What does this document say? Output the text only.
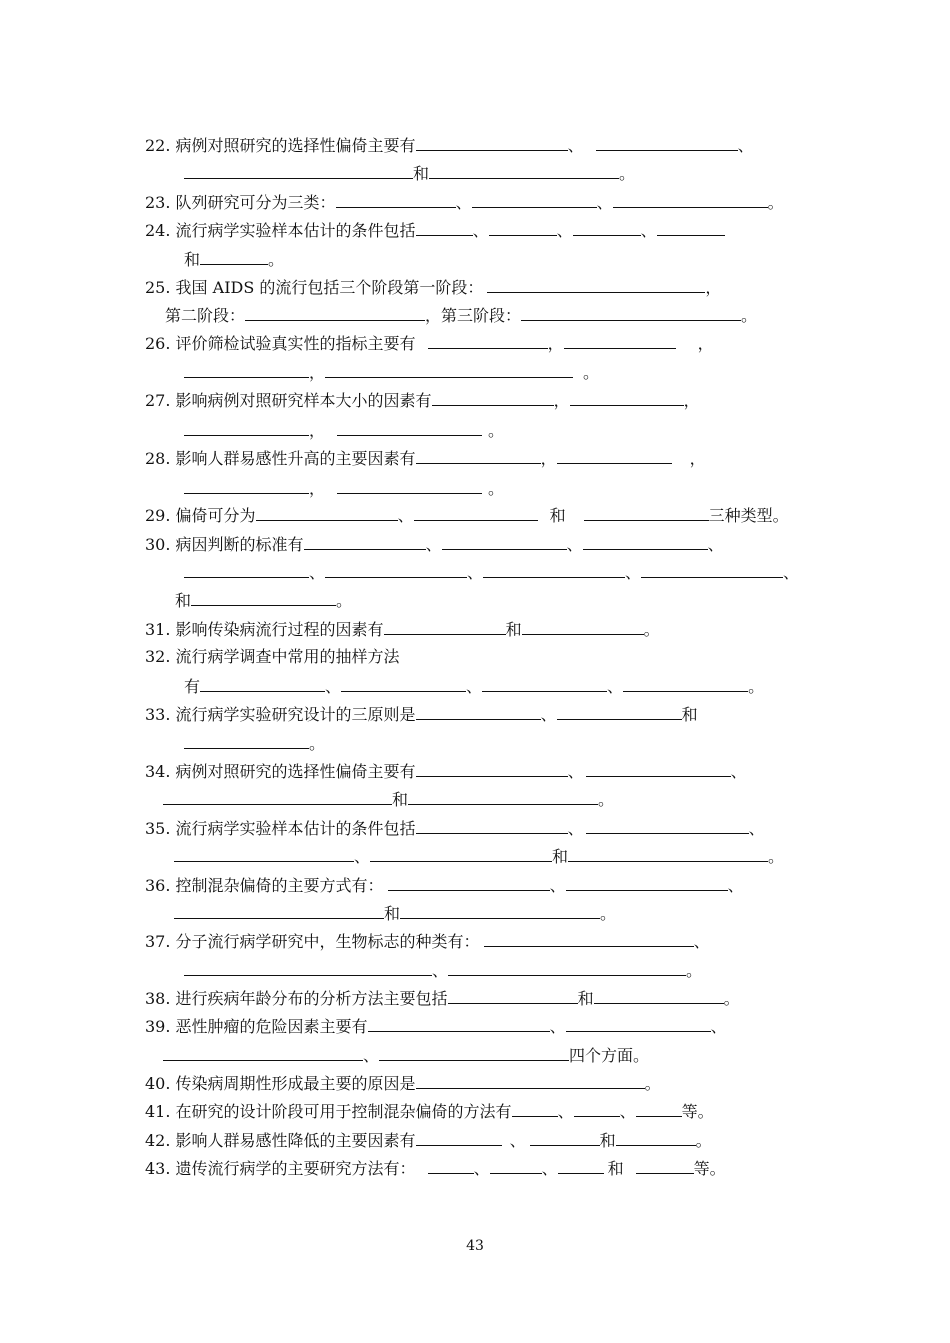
22. 病例对照研究的选择性偏倚主要有	、	、
和	。
23. 队列研究可分为三类：	、	、	。
24. 流行病学实验样本估计的条件包括	、	、	、
和	。
25. 我国 AIDS 的流行包括三个阶段第一阶段：	，
第二阶段：	，第三阶段：	。
26. 评价筛检试验真实性的指标主要有	，	，
，	。
27. 影响病例对照研究样本大小的因素有	，	，
，	。
28. 影响人群易感性升高的主要因素有	，	，
，	。
29. 偏倚可分为	、	和	三种类型。
30. 病因判断的标准有	、	、	、
、	、	、	、
和	。
31. 影响传染病流行过程的因素有	和	。
32. 流行病学调查中常用的抽样方法
有	、	、	、	。
33. 流行病学实验研究设计的三原则是	、	和
。
34. 病例对照研究的选择性偏倚主要有	、	、
和	。
35. 流行病学实验样本估计的条件包括	、	、
、	和	。
36. 控制混杂偏倚的主要方式有：	、	、
和	。
37. 分子流行病学研究中，生物标志的种类有：	、
、	。
38. 进行疾病年龄分布的分析方法主要包括	和	。
39. 恶性肿瘤的危险因素主要有	、	、
、	四个方面。
40. 传染病周期性形成最主要的原因是	。
41. 在研究的设计阶段可用于控制混杂偏倚的方法有	、	、	等。
42. 影响人群易感性降低的主要因素有	、	和	。
43. 遗传流行病学的主要研究方法有：	、	、	和	等。
43
